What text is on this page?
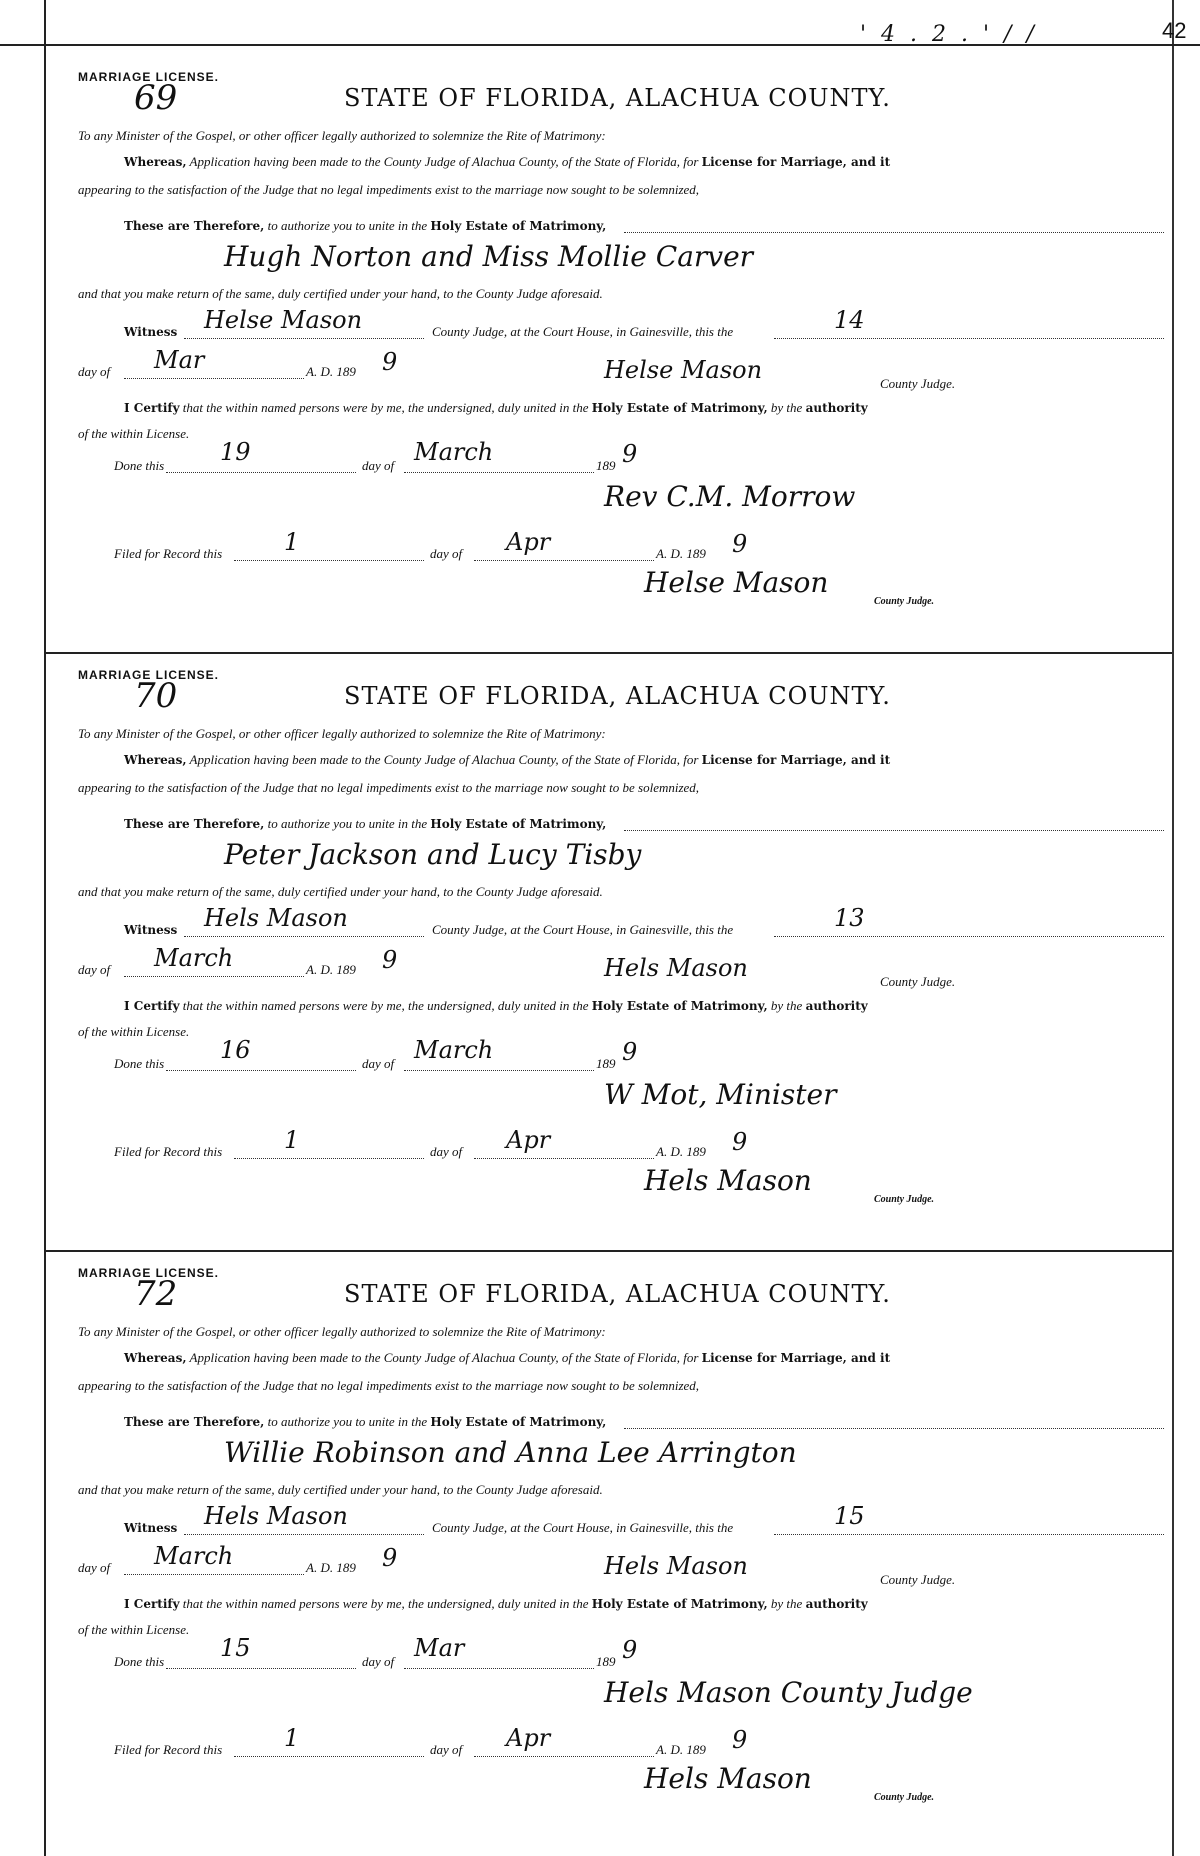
42
' 4 . 2 . ' / /
MARRIAGE LICENSE.
69	STATE OF FLORIDA, ALACHUA COUNTY.
To any Minister of the Gospel, or other officer legally authorized to solemnize the Rite of Matrimony:
Whereas, Application having been made to the County Judge of Alachua County, of the State of Florida, for License for Marriage, and it
appearing to the satisfaction of the Judge that no legal impediments exist to the marriage now sought to be solemnized,
These are Therefore, to authorize you to unite in the Holy Estate of Matrimony,
Hugh Norton and Miss Mollie Carver
and that you make return of the same, duly certified under your hand, to the County Judge aforesaid.
Witness Helse Mason	County Judge, at the Court House, in Gainesville, this the	14
day of Mar	A. D. 189 9	Helse Mason	County Judge.
I Certify that the within named persons were by me, the undersigned, duly united in the Holy Estate of Matrimony, by the authority
of the within License.
Done this 19	day of March	189 9
Rev C.M. Morrow
Filed for Record this	1	day of Apr	A. D. 189 9
Helse Mason
County Judge.
MARRIAGE LICENSE.
70	STATE OF FLORIDA, ALACHUA COUNTY.
To any Minister of the Gospel, or other officer legally authorized to solemnize the Rite of Matrimony:
Whereas, Application having been made to the County Judge of Alachua County, of the State of Florida, for License for Marriage, and it
appearing to the satisfaction of the Judge that no legal impediments exist to the marriage now sought to be solemnized,
These are Therefore, to authorize you to unite in the Holy Estate of Matrimony,
Peter Jackson and Lucy Tisby
and that you make return of the same, duly certified under your hand, to the County Judge aforesaid.
Witness Hels Mason	County Judge, at the Court House, in Gainesville, this the	13
day of March	A. D. 189 9	Hels Mason	County Judge.
I Certify that the within named persons were by me, the undersigned, duly united in the Holy Estate of Matrimony, by the authority
of the within License.
Done this 16	day of March	189 9
W Mot, Minister
Filed for Record this	1	day of Apr	A. D. 189 9
Hels Mason
County Judge.
MARRIAGE LICENSE.
72	STATE OF FLORIDA, ALACHUA COUNTY.
To any Minister of the Gospel, or other officer legally authorized to solemnize the Rite of Matrimony:
Whereas, Application having been made to the County Judge of Alachua County, of the State of Florida, for License for Marriage, and it
appearing to the satisfaction of the Judge that no legal impediments exist to the marriage now sought to be solemnized,
These are Therefore, to authorize you to unite in the Holy Estate of Matrimony,
Willie Robinson and Anna Lee Arrington
and that you make return of the same, duly certified under your hand, to the County Judge aforesaid.
Witness Hels Mason	County Judge, at the Court House, in Gainesville, this the	15
day of March	A. D. 189 9	Hels Mason	County Judge.
I Certify that the within named persons were by me, the undersigned, duly united in the Holy Estate of Matrimony, by the authority
of the within License.
Done this 15	day of Mar	189 9
Hels Mason County Judge
Filed for Record this	1	day of Apr	A. D. 189 9
Hels Mason
County Judge.
